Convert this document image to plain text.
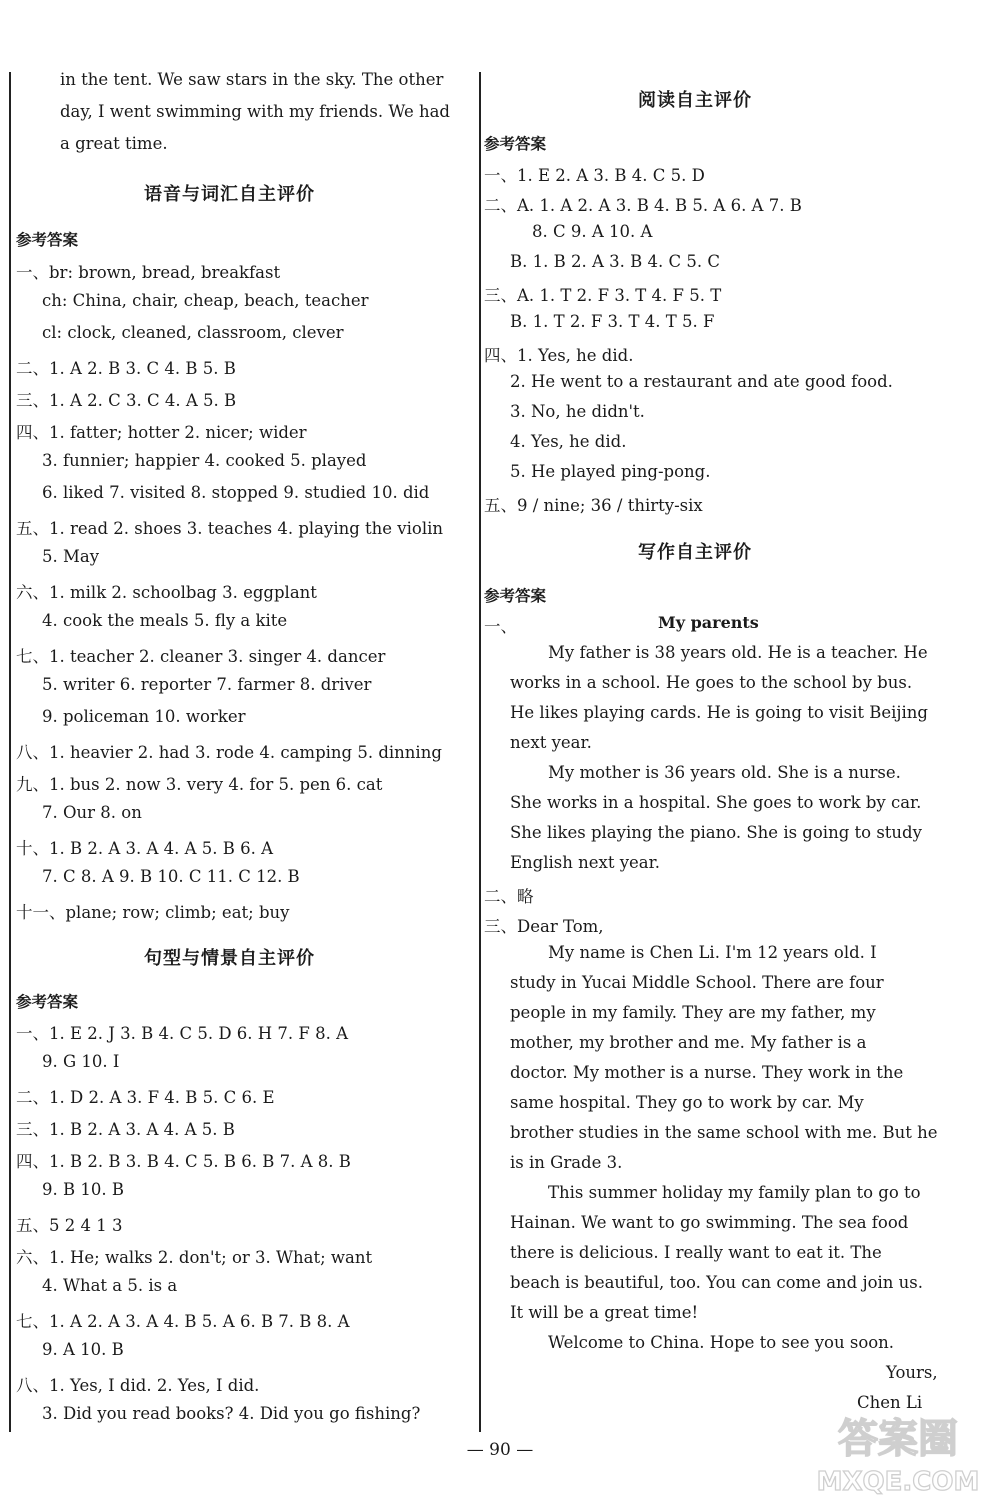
in the tent. We saw stars in the sky. The other
day, I went swimming with my friends. We had
a great time.
语音与词汇自主评价
参考答案
一、br: brown, bread, breakfast
ch: China, chair, cheap, beach, teacher
cl: clock, cleaned, classroom, clever
二、1. A 2. B 3. C 4. B 5. B
三、1. A 2. C 3. C 4. A 5. B
四、1. fatter; hotter 2. nicer; wider
3. funnier; happier 4. cooked 5. played
6. liked 7. visited 8. stopped 9. studied 10. did
五、1. read 2. shoes 3. teaches 4. playing the violin
5. May
六、1. milk 2. schoolbag 3. eggplant
4. cook the meals 5. fly a kite
七、1. teacher 2. cleaner 3. singer 4. dancer
5. writer 6. reporter 7. farmer 8. driver
9. policeman 10. worker
八、1. heavier 2. had 3. rode 4. camping 5. dinning
九、1. bus 2. now 3. very 4. for 5. pen 6. cat
7. Our 8. on
十、1. B 2. A 3. A 4. A 5. B 6. A
7. C 8. A 9. B 10. C 11. C 12. B
十一、plane; row; climb; eat; buy
句型与情景自主评价
参考答案
一、1. E 2. J 3. B 4. C 5. D 6. H 7. F 8. A
9. G 10. I
二、1. D 2. A 3. F 4. B 5. C 6. E
三、1. B 2. A 3. A 4. A 5. B
四、1. B 2. B 3. B 4. C 5. B 6. B 7. A 8. B
9. B 10. B
五、5 2 4 1 3
六、1. He; walks 2. don't; or 3. What; want
4. What a 5. is a
七、1. A 2. A 3. A 4. B 5. A 6. B 7. B 8. A
9. A 10. B
八、1. Yes, I did. 2. Yes, I did.
3. Did you read books? 4. Did you go fishing?
阅读自主评价
参考答案
一、1. E 2. A 3. B 4. C 5. D
二、A. 1. A 2. A 3. B 4. B 5. A 6. A 7. B
8. C 9. A 10. A
B. 1. B 2. A 3. B 4. C 5. C
三、A. 1. T 2. F 3. T 4. F 5. T
B. 1. T 2. F 3. T 4. T 5. F
四、1. Yes, he did.
2. He went to a restaurant and ate good food.
3. No, he didn't.
4. Yes, he did.
5. He played ping-pong.
五、9 / nine; 36 / thirty-six
写作自主评价
参考答案
一、	My parents
My father is 38 years old. He is a teacher. He
works in a school. He goes to the school by bus.
He likes playing cards. He is going to visit Beijing
next year.
My mother is 36 years old. She is a nurse.
She works in a hospital. She goes to work by car.
She likes playing the piano. She is going to study
English next year.
二、略
三、Dear Tom,
My name is Chen Li. I'm 12 years old. I
study in Yucai Middle School. There are four
people in my family. They are my father, my
mother, my brother and me. My father is a
doctor. My mother is a nurse. They work in the
same hospital. They go to work by car. My
brother studies in the same school with me. But he
is in Grade 3.
This summer holiday my family plan to go to
Hainan. We want to go swimming. The sea food
there is delicious. I really want to eat it. The
beach is beautiful, too. You can come and join us.
It will be a great time!
Welcome to China. Hope to see you soon.
Yours,
Chen Li
— 90 —	答案圈
MXQE.COM
